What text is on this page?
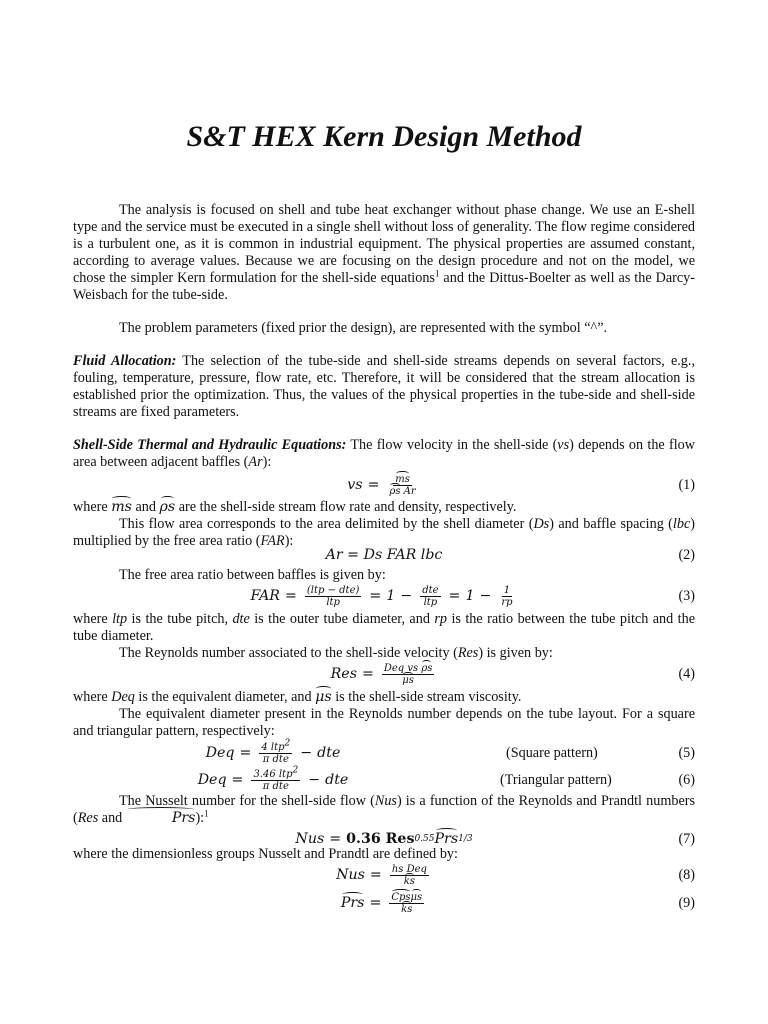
S&T HEX Kern Design Method

The analysis is focused on shell and tube heat exchanger without phase change. We use an E-shell type and the service must be executed in a single shell without loss of generality. The flow regime considered is a turbulent one, as it is common in industrial equipment. The physical properties are assumed constant, according to average values. Because we are focusing on the design procedure and not on the model, we chose the simpler Kern formulation for the shell-side equations$^1$ and the Dittus-Boelter as well as the Darcy-Weisbach for the tube-side.

The problem parameters (fixed prior the design), are represented with the symbol “^”.

Fluid Allocation: The selection of the tube-side and shell-side streams depends on several factors, e.g., fouling, temperature, pressure, flow rate, etc. Therefore, it will be considered that the stream allocation is established prior the optimization. Thus, the values of the physical properties in the tube-side and shell-side streams are fixed parameters.

Shell-Side Thermal and Hydraulic Equations: The flow velocity in the shell-side (vs) depends on the flow area between adjacent baffles (Ar):

vs = $\frac{ms}{\text{ρs Ar}}$	(1)

where ms and ρs are the shell-side stream flow rate and density, respectively.

This flow area corresponds to the area delimited by the shell diameter (Ds) and baffle spacing (lbc) multiplied by the free area ratio (FAR):

Ar = Ds FAR lbc	(2)

The free area ratio between baffles is given by:

FAR = $\frac{\text{(ltp − dte)}}{\text{ltp}} = 1 - \frac{\text{dte}}{\text{ltp}} = 1 - \frac{1}{rp}$	(3)

where ltp is the tube pitch, dte is the outer tube diameter, and rp is the ratio between the tube pitch and the tube diameter.

The Reynolds number associated to the shell-side velocity (Res) is given by:

Res = $\frac{\text{Deq vs ρs}}{\mu s}$	(4)

where Deq is the equivalent diameter, and μs is the shell-side stream viscosity.

The equivalent diameter present in the Reynolds number depends on the tube layout. For a square and triangular pattern, respectively:

Deq = $\frac{\text{4 ltp2}}{\text{π dte}}$ − dte	(Square pattern)	(5)
Deq = $\frac{\text{3.46 ltp2}}{\text{π dte}}$ − dte	(Triangular pattern)	(6)

The Nusselt number for the shell-side flow (Nus) is a function of the Reynolds and Prandtl numbers (Res and	Prs):$^1$

Nus = 0.36 Res 0.55 Prs 1/3	(7)

where the dimensionless groups Nusselt and Prandtl are defined by:

Nus = $\frac{\text{hs Deq}}{ks}$	(8)
Prs = $\frac{\text{Cpsμs}}{ks}$	(9)
